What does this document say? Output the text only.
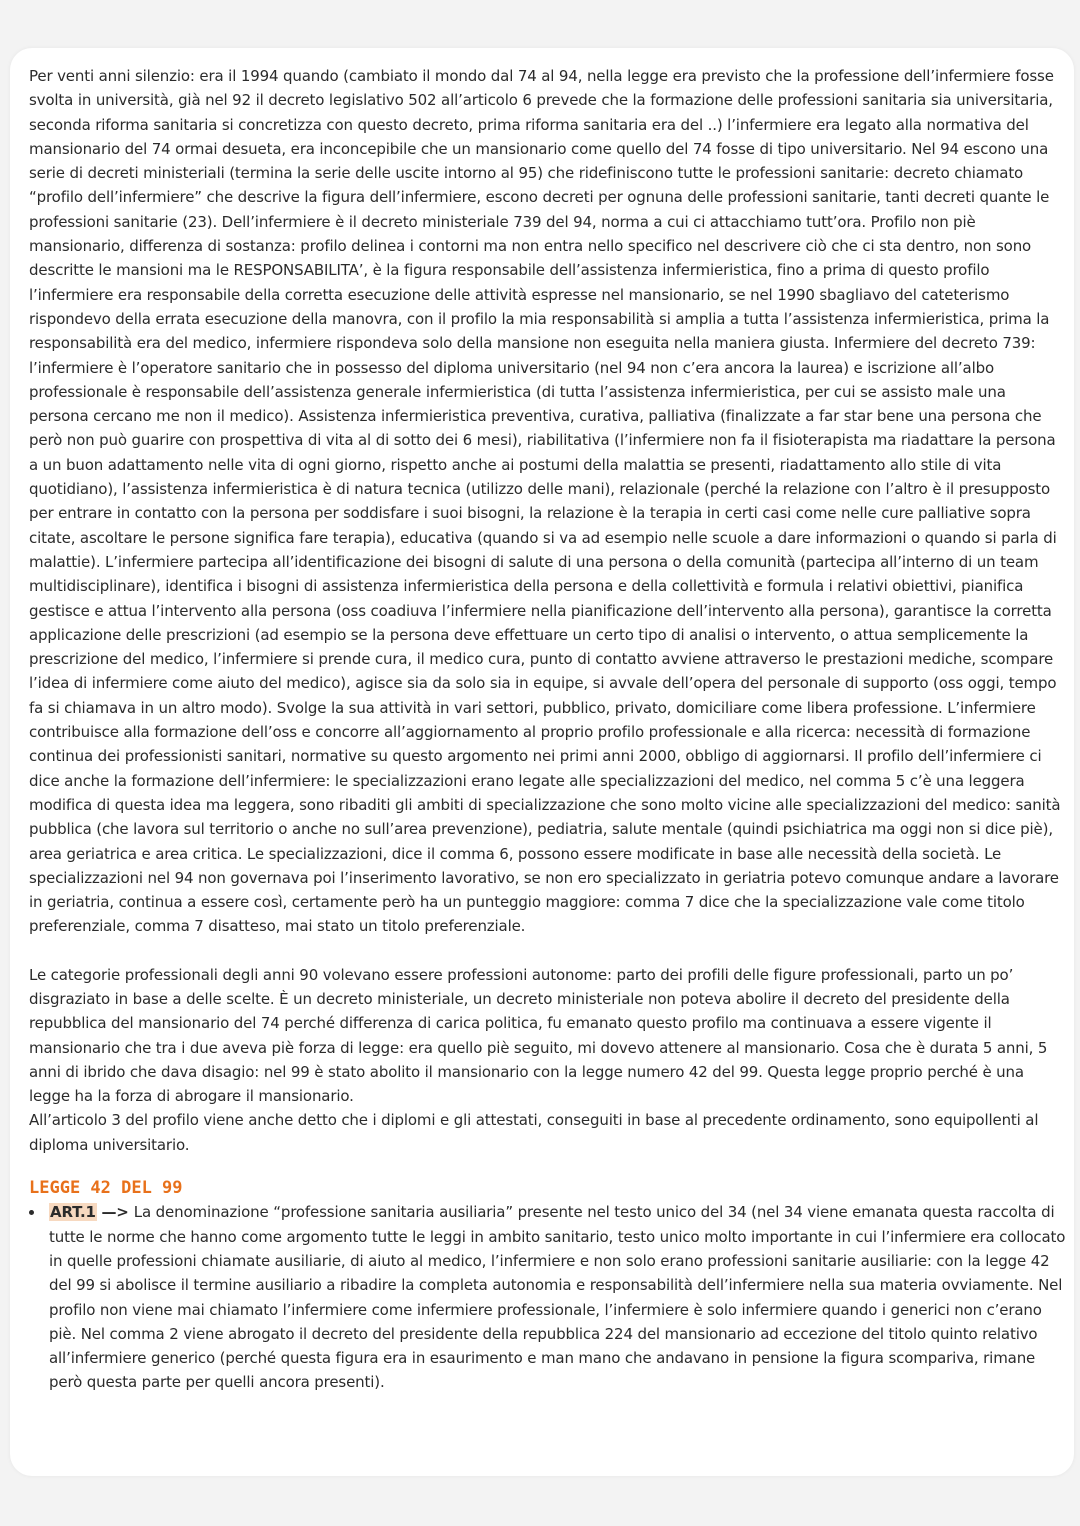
Per venti anni silenzio: era il 1994 quando (cambiato il mondo dal 74 al 94, nella legge era previsto che la professione dell’infermiere fosse svolta in università, già nel 92 il decreto legislativo 502 all’articolo 6 prevede che la formazione delle professioni sanitaria sia universitaria, seconda riforma sanitaria si concretizza con questo decreto, prima riforma sanitaria era del ..) l’infermiere era legato alla normativa del mansionario del 74 ormai desueta, era inconcepibile che un mansionario come quello del 74 fosse di tipo universitario. Nel 94 escono una serie di decreti ministeriali (termina la serie delle uscite intorno al 95) che ridefiniscono tutte le professioni sanitarie: decreto chiamato “profilo dell’infermiere” che descrive la figura dell’infermiere, escono decreti per ognuna delle professioni sanitarie, tanti decreti quante le professioni sanitarie (23). Dell’infermiere è il decreto ministeriale 739 del 94, norma a cui ci attacchiamo tutt’ora. Profilo non piè mansionario, differenza di sostanza: profilo delinea i contorni ma non entra nello specifico nel descrivere ciò che ci sta dentro, non sono descritte le mansioni ma le RESPONSABILITA’, è la figura responsabile dell’assistenza infermieristica, fino a prima di questo profilo l’infermiere era responsabile della corretta esecuzione delle attività espresse nel mansionario, se nel 1990 sbagliavo del cateterismo rispondevo della errata esecuzione della manovra, con il profilo la mia responsabilità si amplia a tutta l’assistenza infermieristica, prima la responsabilità era del medico, infermiere rispondeva solo della mansione non eseguita nella maniera giusta. Infermiere del decreto 739: l’infermiere è l’operatore sanitario che in possesso del diploma universitario (nel 94 non c’era ancora la laurea) e iscrizione all’albo professionale è responsabile dell’assistenza generale infermieristica (di tutta l’assistenza infermieristica, per cui se assisto male una persona cercano me non il medico). Assistenza infermieristica preventiva, curativa, palliativa (finalizzate a far star bene una persona che però non può guarire con prospettiva di vita al di sotto dei 6 mesi), riabilitativa (l’infermiere non fa il fisioterapista ma riadattare la persona a un buon adattamento nelle vita di ogni giorno, rispetto anche ai postumi della malattia se presenti, riadattamento allo stile di vita quotidiano), l’assistenza infermieristica è di natura tecnica (utilizzo delle mani), relazionale (perché la relazione con l’altro è il presupposto per entrare in contatto con la persona per soddisfare i suoi bisogni, la relazione è la terapia in certi casi come nelle cure palliative sopra citate, ascoltare le persone significa fare terapia), educativa (quando si va ad esempio nelle scuole a dare informazioni o quando si parla di malattie). L’infermiere partecipa all’identificazione dei bisogni di salute di una persona o della comunità (partecipa all’interno di un team multidisciplinare), identifica i bisogni di assistenza infermieristica della persona e della collettività e formula i relativi obiettivi, pianifica gestisce e attua l’intervento alla persona (oss coadiuva l’infermiere nella pianificazione dell’intervento alla persona), garantisce la corretta applicazione delle prescrizioni (ad esempio se la persona deve effettuare un certo tipo di analisi o intervento, o attua semplicemente la prescrizione del medico, l’infermiere si prende cura, il medico cura, punto di contatto avviene attraverso le prestazioni mediche, scompare l’idea di infermiere come aiuto del medico), agisce sia da solo sia in equipe, si avvale dell’opera del personale di supporto (oss oggi, tempo fa si chiamava in un altro modo). Svolge la sua attività in vari settori, pubblico, privato, domiciliare come libera professione. L’infermiere contribuisce alla formazione dell’oss e concorre all’aggiornamento al proprio profilo professionale e alla ricerca: necessità di formazione continua dei professionisti sanitari, normative su questo argomento nei primi anni 2000, obbligo di aggiornarsi. Il profilo dell’infermiere ci dice anche la formazione dell’infermiere: le specializzazioni erano legate alle specializzazioni del medico, nel comma 5 c’è una leggera modifica di questa idea ma leggera, sono ribaditi gli ambiti di specializzazione che sono molto vicine alle specializzazioni del medico: sanità pubblica (che lavora sul territorio o anche no sull’area prevenzione), pediatria, salute mentale (quindi psichiatrica ma oggi non si dice piè), area geriatrica e area critica. Le specializzazioni, dice il comma 6, possono essere modificate in base alle necessità della società. Le specializzazioni nel 94 non governava poi l’inserimento lavorativo, se non ero specializzato in geriatria potevo comunque andare a lavorare in geriatria, continua a essere così, certamente però ha un punteggio maggiore: comma 7 dice che la specializzazione vale come titolo preferenziale, comma 7 disatteso, mai stato un titolo preferenziale.

Le categorie professionali degli anni 90 volevano essere professioni autonome: parto dei profili delle figure professionali, parto un po’ disgraziato in base a delle scelte. È un decreto ministeriale, un decreto ministeriale non poteva abolire il decreto del presidente della repubblica del mansionario del 74 perché differenza di carica politica, fu emanato questo profilo ma continuava a essere vigente il mansionario che tra i due aveva piè forza di legge: era quello piè seguito, mi dovevo attenere al mansionario. Cosa che è durata 5 anni, 5 anni di ibrido che dava disagio: nel 99 è stato abolito il mansionario con la legge numero 42 del 99. Questa legge proprio perché è una legge ha la forza di abrogare il mansionario.

All’articolo 3 del profilo viene anche detto che i diplomi e gli attestati, conseguiti in base al precedente ordinamento, sono equipollenti al diploma universitario.

LEGGE 42 DEL 99
ART.1 —> La denominazione “professione sanitaria ausiliaria” presente nel testo unico del 34 (nel 34 viene emanata questa raccolta di tutte le norme che hanno come argomento tutte le leggi in ambito sanitario, testo unico molto importante in cui l’infermiere era collocato in quelle professioni chiamate ausiliarie, di aiuto al medico, l’infermiere e non solo erano professioni sanitarie ausiliarie: con la legge 42 del 99 si abolisce il termine ausiliario a ribadire la completa autonomia e responsabilità dell’infermiere nella sua materia ovviamente. Nel profilo non viene mai chiamato l’infermiere come infermiere professionale, l’infermiere è solo infermiere quando i generici non c’erano piè. Nel comma 2 viene abrogato il decreto del presidente della repubblica 224 del mansionario ad eccezione del titolo quinto relativo all’infermiere generico (perché questa figura era in esaurimento e man mano che andavano in pensione la figura scompariva, rimane però questa parte per quelli ancora presenti).
